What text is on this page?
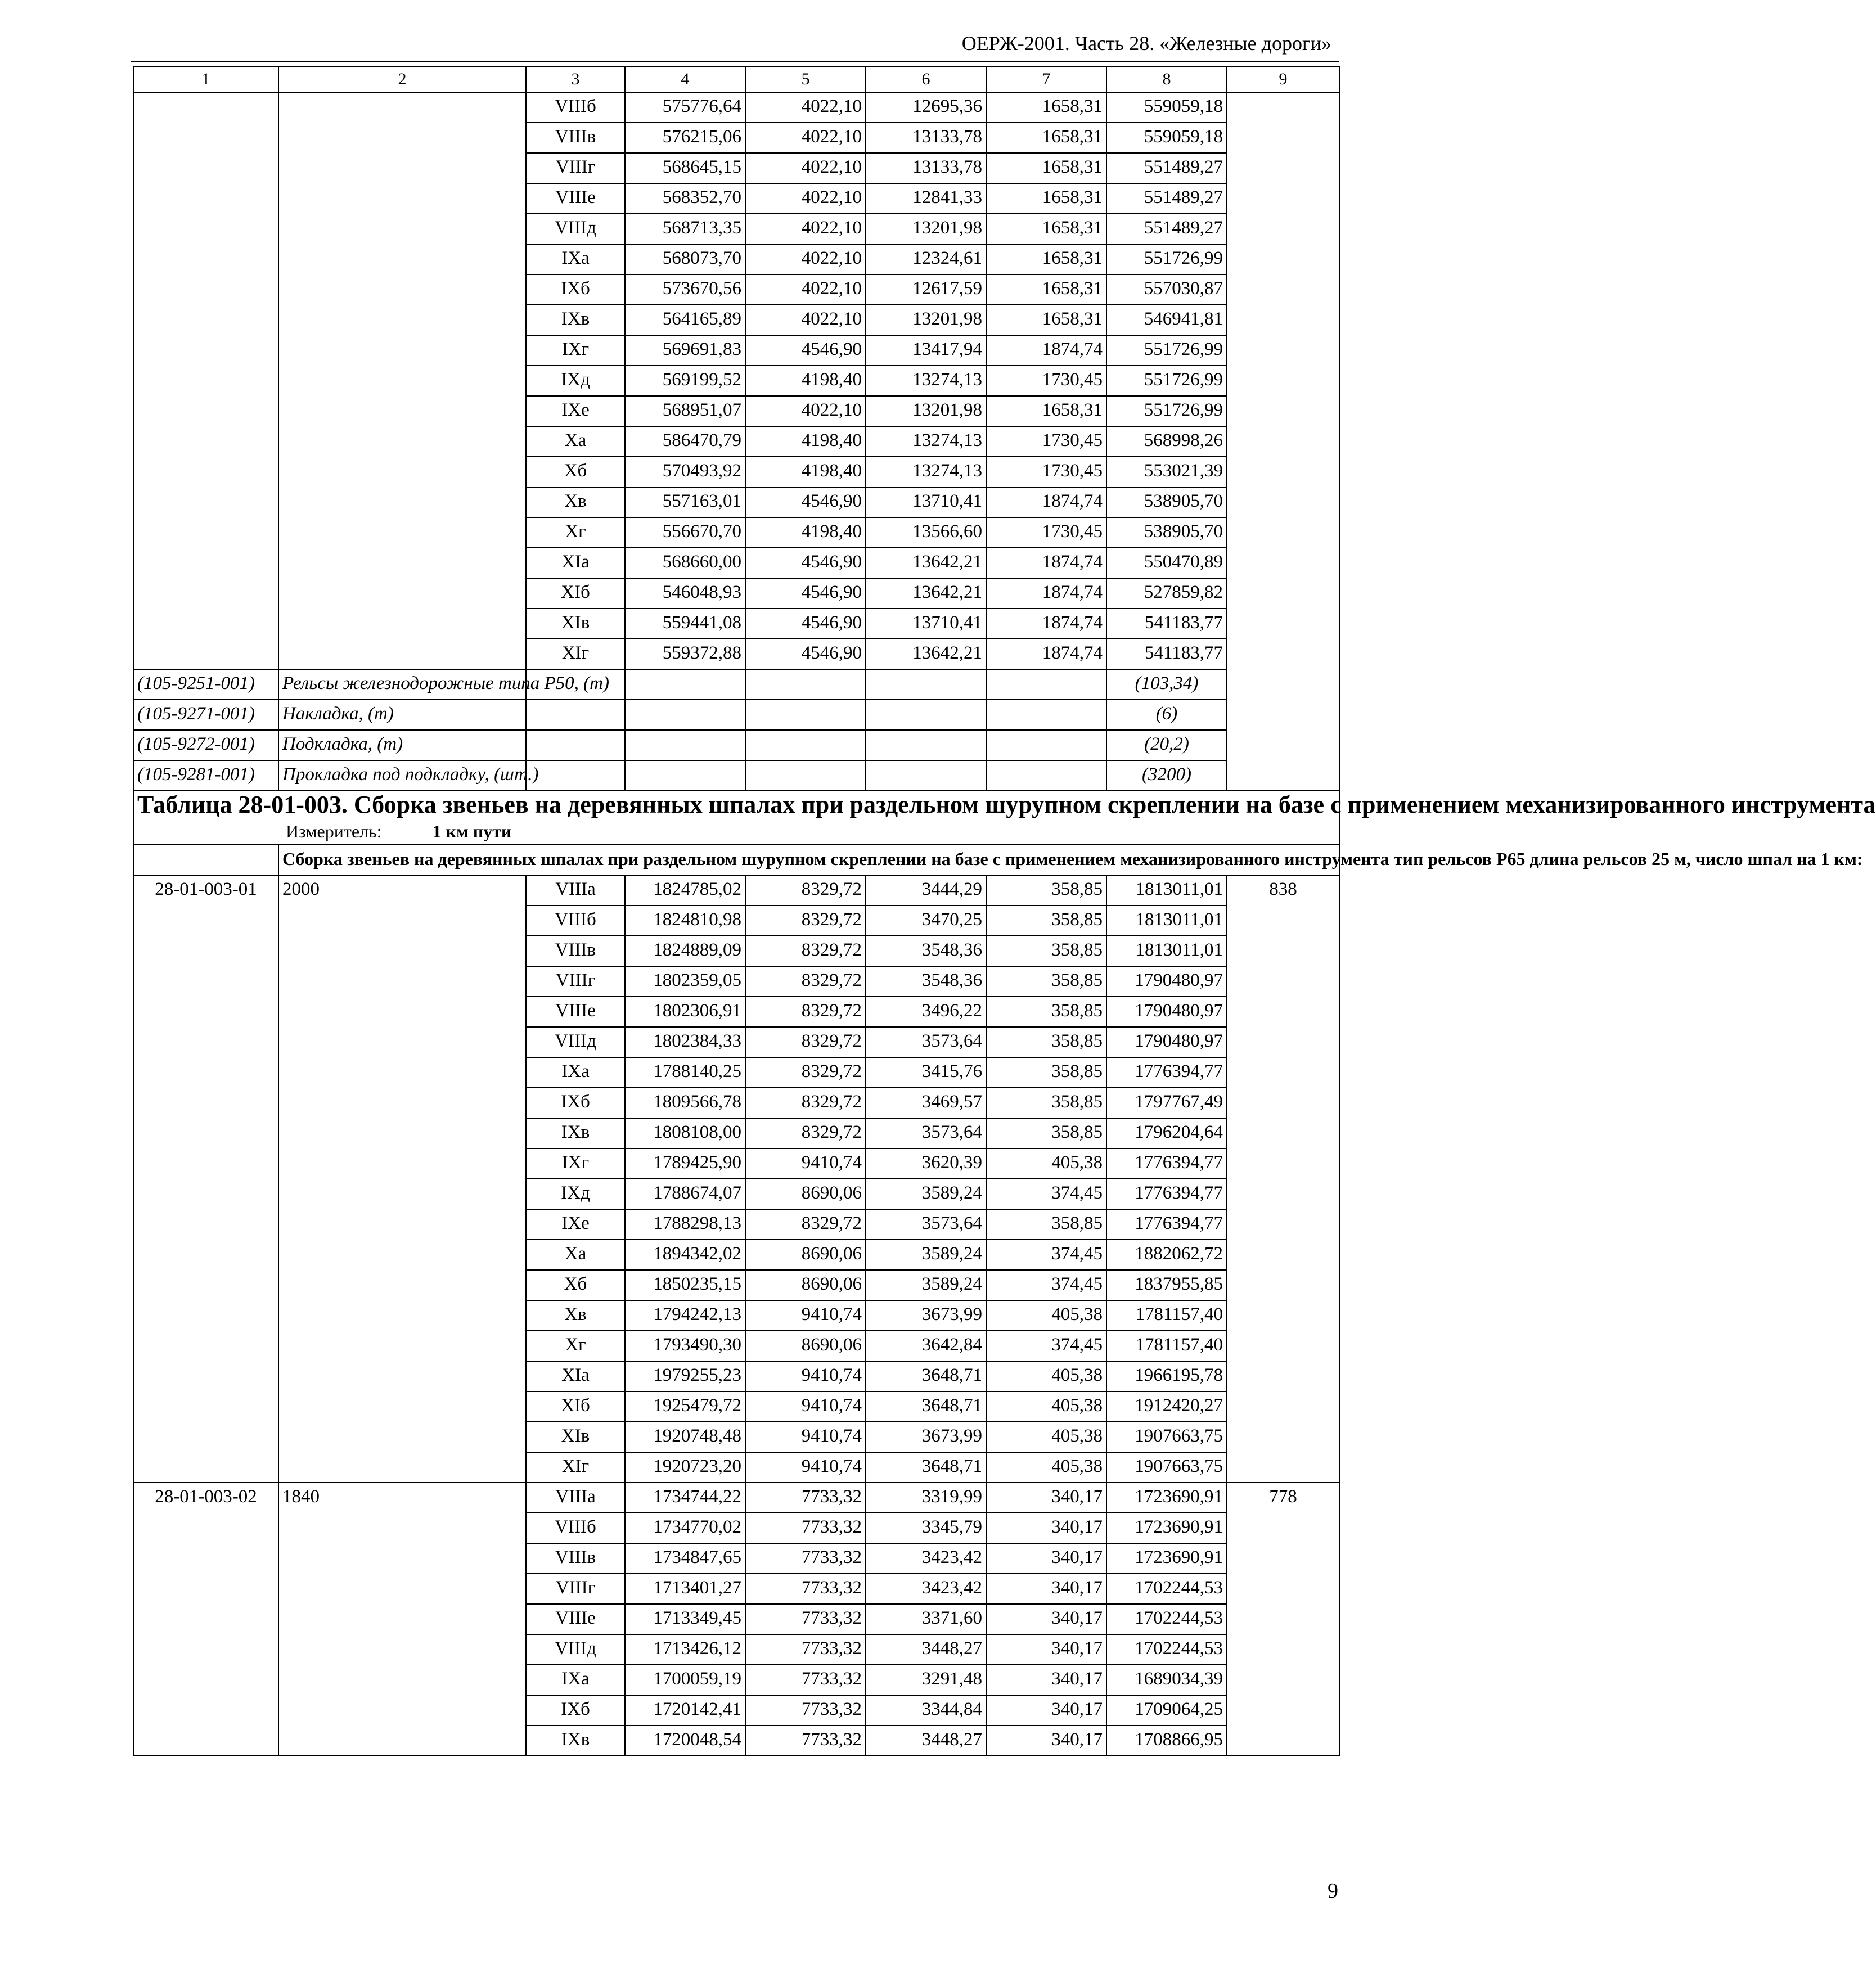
ОЕРЖ-2001. Часть 28. «Железные дороги»
1	2	3	4	5	6	7	8	9
		VIIIб	575776,64	4022,10	12695,36	1658,31	559059,18	
		VIIIв	576215,06	4022,10	13133,78	1658,31	559059,18	
		VIIIг	568645,15	4022,10	13133,78	1658,31	551489,27	
		VIIIе	568352,70	4022,10	12841,33	1658,31	551489,27	
		VIIIд	568713,35	4022,10	13201,98	1658,31	551489,27	
		IXа	568073,70	4022,10	12324,61	1658,31	551726,99	
		IXб	573670,56	4022,10	12617,59	1658,31	557030,87	
		IXв	564165,89	4022,10	13201,98	1658,31	546941,81	
		IXг	569691,83	4546,90	13417,94	1874,74	551726,99	
		IXд	569199,52	4198,40	13274,13	1730,45	551726,99	
		IXе	568951,07	4022,10	13201,98	1658,31	551726,99	
		Xа	586470,79	4198,40	13274,13	1730,45	568998,26	
		Xб	570493,92	4198,40	13274,13	1730,45	553021,39	
		Xв	557163,01	4546,90	13710,41	1874,74	538905,70	
		Xг	556670,70	4198,40	13566,60	1730,45	538905,70	
		XIа	568660,00	4546,90	13642,21	1874,74	550470,89	
		XIб	546048,93	4546,90	13642,21	1874,74	527859,82	
		XIв	559441,08	4546,90	13710,41	1874,74	541183,77	
		XIг	559372,88	4546,90	13642,21	1874,74	541183,77	
(105-9251-001)	Рельсы железнодорожные типа Р50, (т)						(103,34)	
(105-9271-001)	Накладка, (т)						(6)	
(105-9272-001)	Подкладка, (т)						(20,2)	
(105-9281-001)	Прокладка под подкладку, (шт.)						(3200)	

Таблица 28-01-003. Сборка звеньев на деревянных шпалах при раздельном шурупном скреплении на базе с применением механизированного инструмента
Измеритель: 1 км пути								

	Сборка звеньев на деревянных шпалах при раздельном шурупном скреплении на базе с применением механизированного инструмента тип рельсов Р65 длина рельсов 25 м, число шпал на 1 км:							
28-01-003-01	2000	VIIIа	1824785,02	8329,72	3444,29	358,85	1813011,01	838
		VIIIб	1824810,98	8329,72	3470,25	358,85	1813011,01	
		VIIIв	1824889,09	8329,72	3548,36	358,85	1813011,01	
		VIIIг	1802359,05	8329,72	3548,36	358,85	1790480,97	
		VIIIе	1802306,91	8329,72	3496,22	358,85	1790480,97	
		VIIIд	1802384,33	8329,72	3573,64	358,85	1790480,97	
		IXа	1788140,25	8329,72	3415,76	358,85	1776394,77	
		IXб	1809566,78	8329,72	3469,57	358,85	1797767,49	
		IXв	1808108,00	8329,72	3573,64	358,85	1796204,64	
		IXг	1789425,90	9410,74	3620,39	405,38	1776394,77	
		IXд	1788674,07	8690,06	3589,24	374,45	1776394,77	
		IXе	1788298,13	8329,72	3573,64	358,85	1776394,77	
		Xа	1894342,02	8690,06	3589,24	374,45	1882062,72	
		Xб	1850235,15	8690,06	3589,24	374,45	1837955,85	
		Xв	1794242,13	9410,74	3673,99	405,38	1781157,40	
		Xг	1793490,30	8690,06	3642,84	374,45	1781157,40	
		XIа	1979255,23	9410,74	3648,71	405,38	1966195,78	
		XIб	1925479,72	9410,74	3648,71	405,38	1912420,27	
		XIв	1920748,48	9410,74	3673,99	405,38	1907663,75	
		XIг	1920723,20	9410,74	3648,71	405,38	1907663,75	
28-01-003-02	1840	VIIIа	1734744,22	7733,32	3319,99	340,17	1723690,91	778
		VIIIб	1734770,02	7733,32	3345,79	340,17	1723690,91	
		VIIIв	1734847,65	7733,32	3423,42	340,17	1723690,91	
		VIIIг	1713401,27	7733,32	3423,42	340,17	1702244,53	
		VIIIе	1713349,45	7733,32	3371,60	340,17	1702244,53	
		VIIIд	1713426,12	7733,32	3448,27	340,17	1702244,53	
		IXа	1700059,19	7733,32	3291,48	340,17	1689034,39	
		IXб	1720142,41	7733,32	3344,84	340,17	1709064,25	
		IXв	1720048,54	7733,32	3448,27	340,17	1708866,95	
9
